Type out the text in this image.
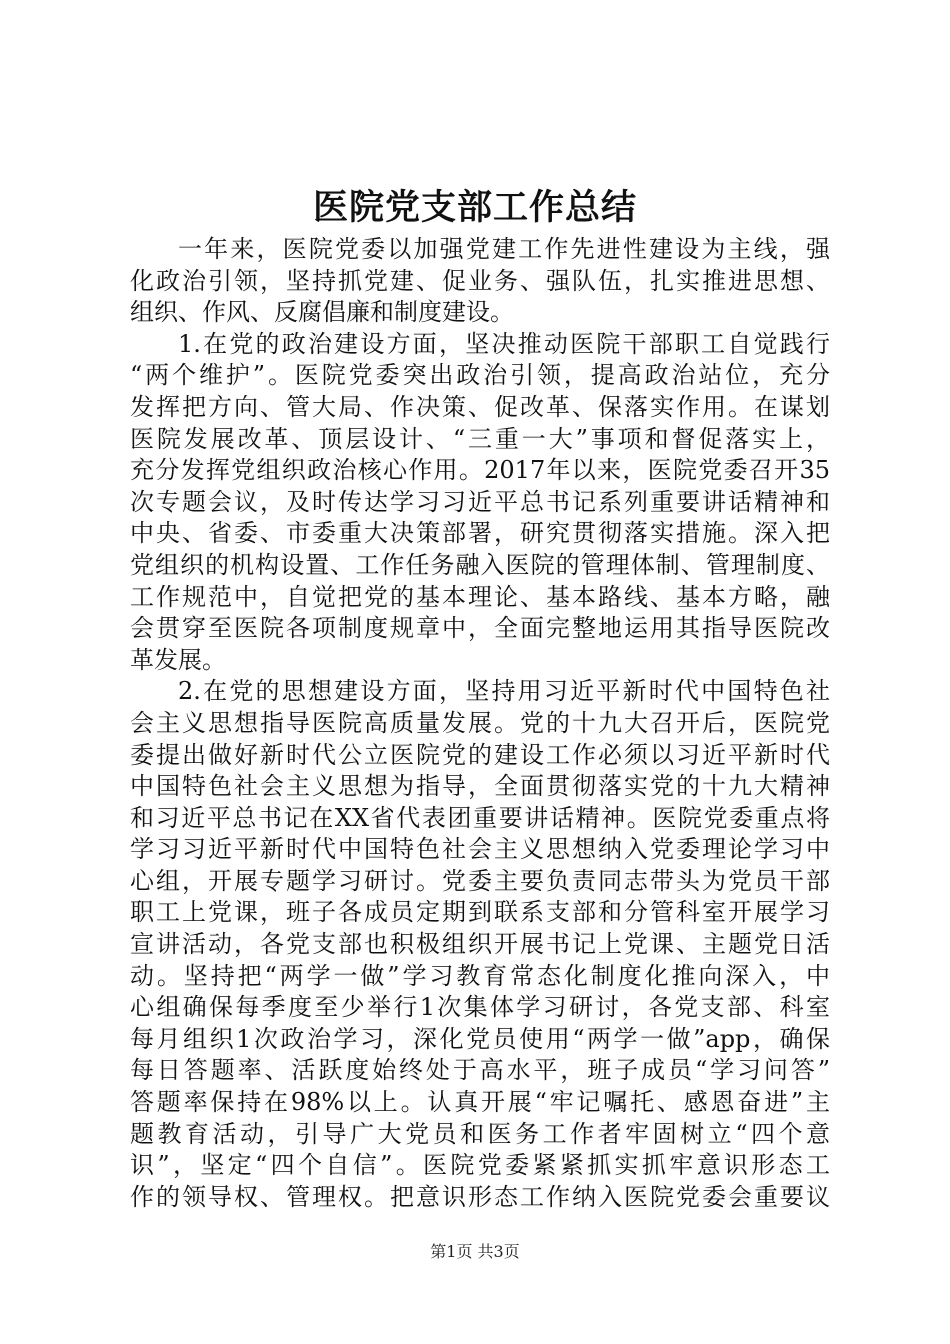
医院党支部工作总结
一年来，医院党委以加强党建工作先进性建设为主线，强
化政治引领，坚持抓党建、促业务、强队伍，扎实推进思想、
组织、作风、反腐倡廉和制度建设。
1.在党的政治建设方面，坚决推动医院干部职工自觉践行
“两个维护”。医院党委突出政治引领，提高政治站位，充分
发挥把方向、管大局、作决策、促改革、保落实作用。在谋划
医院发展改革、顶层设计、“三重一大”事项和督促落实上，
充分发挥党组织政治核心作用。2017年以来，医院党委召开35
次专题会议，及时传达学习习近平总书记系列重要讲话精神和
中央、省委、市委重大决策部署，研究贯彻落实措施。深入把
党组织的机构设置、工作任务融入医院的管理体制、管理制度、
工作规范中，自觉把党的基本理论、基本路线、基本方略，融
会贯穿至医院各项制度规章中，全面完整地运用其指导医院改
革发展。
2.在党的思想建设方面，坚持用习近平新时代中国特色社
会主义思想指导医院高质量发展。党的十九大召开后，医院党
委提出做好新时代公立医院党的建设工作必须以习近平新时代
中国特色社会主义思想为指导，全面贯彻落实党的十九大精神
和习近平总书记在XX省代表团重要讲话精神。医院党委重点将
学习习近平新时代中国特色社会主义思想纳入党委理论学习中
心组，开展专题学习研讨。党委主要负责同志带头为党员干部
职工上党课，班子各成员定期到联系支部和分管科室开展学习
宣讲活动，各党支部也积极组织开展书记上党课、主题党日活
动。坚持把“两学一做”学习教育常态化制度化推向深入，中
心组确保每季度至少举行1次集体学习研讨，各党支部、科室
每月组织1次政治学习，深化党员使用“两学一做”app，确保
每日答题率、活跃度始终处于高水平，班子成员“学习问答”
答题率保持在98%以上。认真开展“牢记嘱托、感恩奋进”主
题教育活动，引导广大党员和医务工作者牢固树立“四个意
识”，坚定“四个自信”。医院党委紧紧抓实抓牢意识形态工
作的领导权、管理权。把意识形态工作纳入医院党委会重要议
第1页 共3页
